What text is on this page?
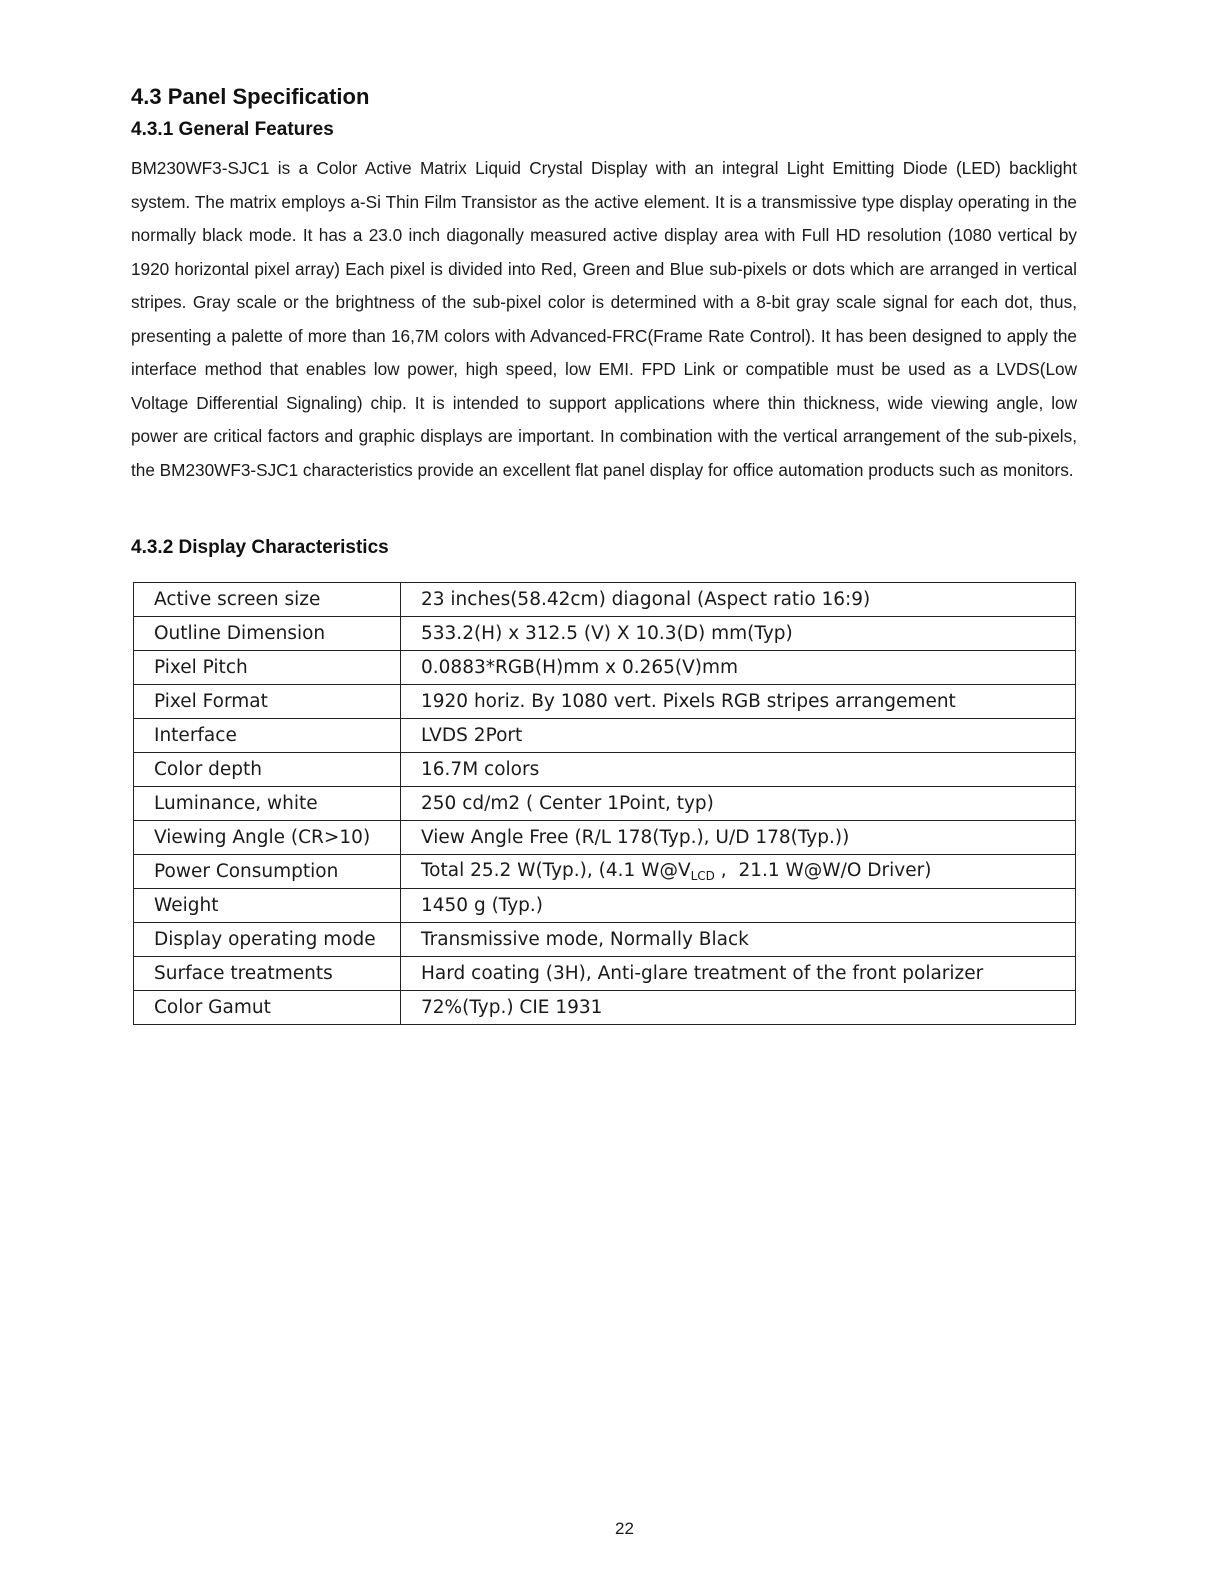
4.3 Panel Specification
4.3.1 General Features

BM230WF3-SJC1 is a Color Active Matrix Liquid Crystal Display with an integral Light Emitting Diode (LED) backlight system. The matrix employs a-Si Thin Film Transistor as the active element. It is a transmissive type display operating in the normally black mode. It has a 23.0 inch diagonally measured active display area with Full HD resolution (1080 vertical by 1920 horizontal pixel array) Each pixel is divided into Red, Green and Blue sub-pixels or dots which are arranged in vertical stripes. Gray scale or the brightness of the sub-pixel color is determined with a 8-bit gray scale signal for each dot, thus, presenting a palette of more than 16,7M colors with Advanced-FRC(Frame Rate Control). It has been designed to apply the interface method that enables low power, high speed, low EMI. FPD Link or compatible must be used as a LVDS(Low Voltage Differential Signaling) chip. It is intended to support applications where thin thickness, wide viewing angle, low power are critical factors and graphic displays are important. In combination with the vertical arrangement of the sub-pixels, the BM230WF3-SJC1 characteristics provide an excellent flat panel display for office automation products such as monitors.

4.3.2 Display Characteristics
Active screen size	23 inches(58.42cm) diagonal (Aspect ratio 16:9)
Outline Dimension	533.2(H) x 312.5 (V) X 10.3(D) mm(Typ)
Pixel Pitch	0.0883*RGB(H)mm x 0.265(V)mm
Pixel Format	1920 horiz. By 1080 vert. Pixels RGB stripes arrangement
Interface	LVDS 2Port
Color depth	16.7M colors
Luminance, white	250 cd/m2 ( Center 1Point, typ)
Viewing Angle (CR>10)	View Angle Free (R/L 178(Typ.), U/D 178(Typ.))
Power Consumption	Total 25.2 W(Typ.), (4.1 $W@V_{LCD}$ ,  21.1 W@W/O Driver)
Weight	1450 g (Typ.)
Display operating mode	Transmissive mode, Normally Black
Surface treatments	Hard coating (3H), Anti-glare treatment of the front polarizer
Color Gamut	72%(Typ.) CIE 1931
22
